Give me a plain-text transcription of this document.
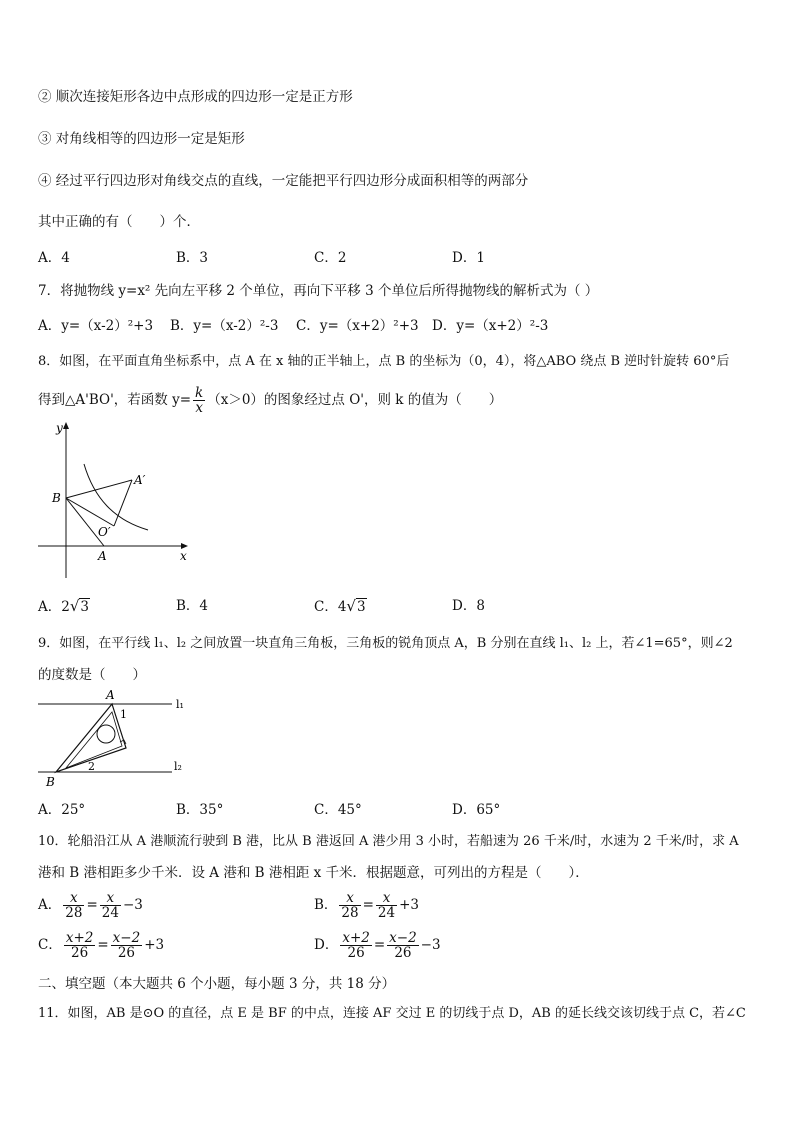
② 顺次连接矩形各边中点形成的四边形一定是正方形
③ 对角线相等的四边形一定是矩形
④ 经过平行四边形对角线交点的直线，一定能把平行四边形分成面积相等的两部分
其中正确的有（　　）个．
A．4	B．3	C．2	D．1
7．将抛物线 y=x² 先向左平移 2 个单位，再向下平移 3 个单位后所得抛物线的解析式为（ ）
A．y=（x-2）²+3 B．y=（x-2）²-3 C．y=（x+2）²+3 D．y=（x+2）²-3
8．如图，在平面直角坐标系中，点 A 在 x 轴的正半轴上，点 B 的坐标为（0，4），将△ABO 绕点 B 逆时针旋转 60°后
得到△A'BO'，若函数 $y= \frac{k}{x} (x>0)$的图象经过点 O'，则 k 的值为（　　）
y
x
B
A
A′
O′
A．2√3	B．4	C．4√3	D．8
9．如图，在平行线 l₁、l₂ 之间放置一块直角三角板，三角板的锐角顶点 A，B 分别在直线 l₁、l₂ 上，若∠1=65°，则∠2
的度数是（　　）
A
B
1
2
l₁
l₂
A．25°	B．35°	C．45°	D．65°
10．轮船沿江从 A 港顺流行驶到 B 港，比从 B 港返回 A 港少用 3 小时，若船速为 26 千米/时，水速为 2 千米/时，求 A
港和 B 港相距多少千米．设 A 港和 B 港相距 x 千米．根据题意，可列出的方程是（　　）．
A． $\frac{x}{28} = \frac{x}{24} -3$	B． $\frac{x}{28} = \frac{x}{24} +3$
C． $\frac{x+2}{26} = \frac{x-2}{26} +3$	D． $\frac{x+2}{26} = \frac{x-2}{26} -3$
二、填空题（本大题共 6 个小题，每小题 3 分，共 18 分）
11．如图，AB 是⊙O 的直径，点 E 是 BF 的中点，连接 AF 交过 E 的切线于点 D，AB 的延长线交该切线于点 C，若∠C
